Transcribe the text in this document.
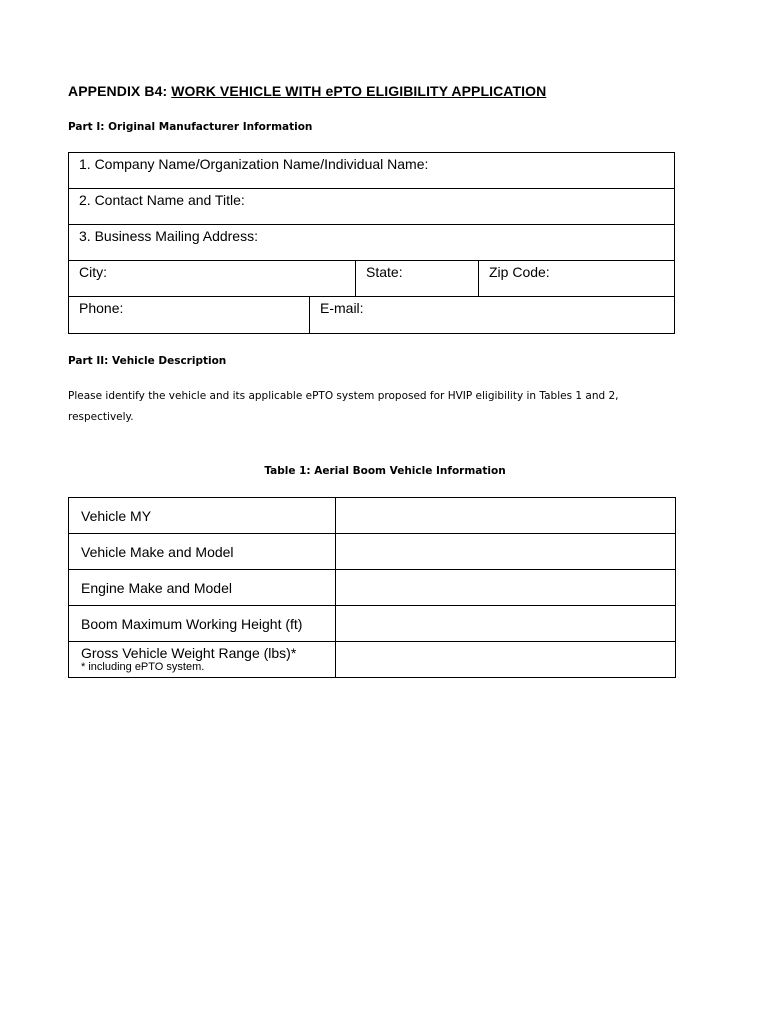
APPENDIX B4: WORK VEHICLE WITH ePTO ELIGIBILITY APPLICATION
Part I: Original Manufacturer Information
1. Company Name/Organization Name/Individual Name:
2. Contact Name and Title:
3. Business Mailing Address:
City:	State:	Zip Code:
Phone:	E-mail:
Part II: Vehicle Description
Please identify the vehicle and its applicable ePTO system proposed for HVIP eligibility in Tables 1 and 2, respectively.
Table 1: Aerial Boom Vehicle Information
Vehicle MY	
Vehicle Make and Model	
Engine Make and Model	
Boom Maximum Working Height (ft)	
Gross Vehicle Weight Range (lbs)*
* including ePTO system.	
